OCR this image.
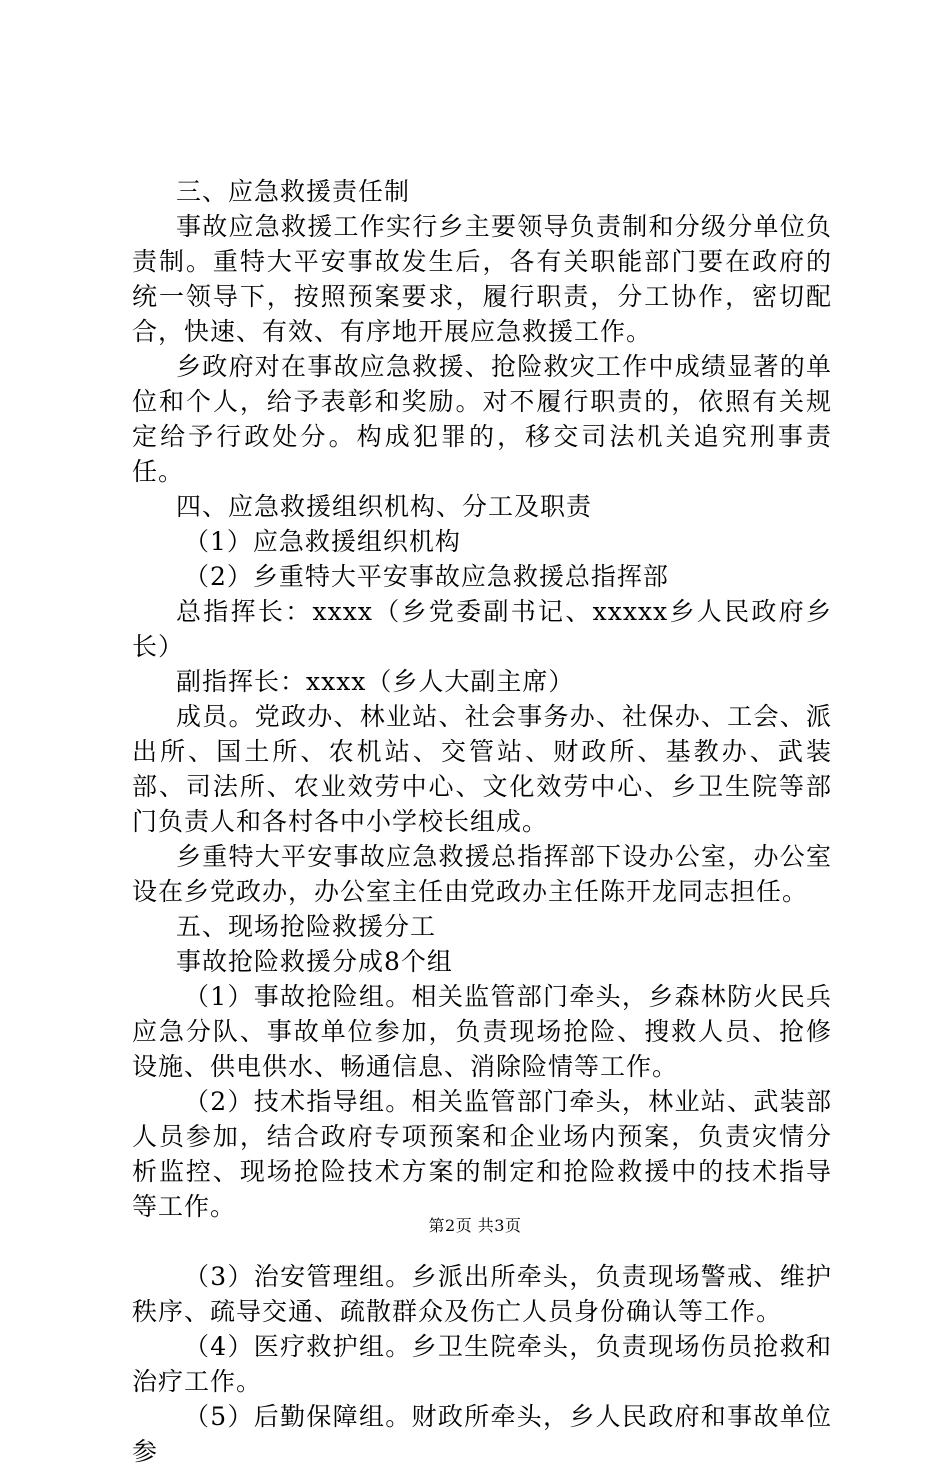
三、应急救援责任制

事故应急救援工作实行乡主要领导负责制和分级分单位负责制。重特大平安事故发生后，各有关职能部门要在政府的统一领导下，按照预案要求，履行职责，分工协作，密切配合，快速、有效、有序地开展应急救援工作。

乡政府对在事故应急救援、抢险救灾工作中成绩显著的单位和个人，给予表彰和奖励。对不履行职责的，依照有关规定给予行政处分。构成犯罪的，移交司法机关追究刑事责任。

四、应急救援组织机构、分工及职责

（1）应急救援组织机构

（2）乡重特大平安事故应急救援总指挥部

总指挥长：xxxx（乡党委副书记、xxxxx乡人民政府乡长）

副指挥长：xxxx（乡人大副主席）

成员。党政办、林业站、社会事务办、社保办、工会、派出所、国土所、农机站、交管站、财政所、基教办、武装部、司法所、农业效劳中心、文化效劳中心、乡卫生院等部门负责人和各村各中小学校长组成。

乡重特大平安事故应急救援总指挥部下设办公室，办公室设在乡党政办，办公室主任由党政办主任陈开龙同志担任。

五、现场抢险救援分工

事故抢险救援分成8个组

（1）事故抢险组。相关监管部门牵头，乡森林防火民兵应急分队、事故单位参加，负责现场抢险、搜救人员、抢修设施、供电供水、畅通信息、消除险情等工作。

（2）技术指导组。相关监管部门牵头，林业站、武装部人员参加，结合政府专项预案和企业场内预案，负责灾情分析监控、现场抢险技术方案的制定和抢险救援中的技术指导等工作。

（3）治安管理组。乡派出所牵头，负责现场警戒、维护秩序、疏导交通、疏散群众及伤亡人员身份确认等工作。

（4）医疗救护组。乡卫生院牵头，负责现场伤员抢救和治疗工作。

（5）后勤保障组。财政所牵头，乡人民政府和事故单位参

第2页 共3页
